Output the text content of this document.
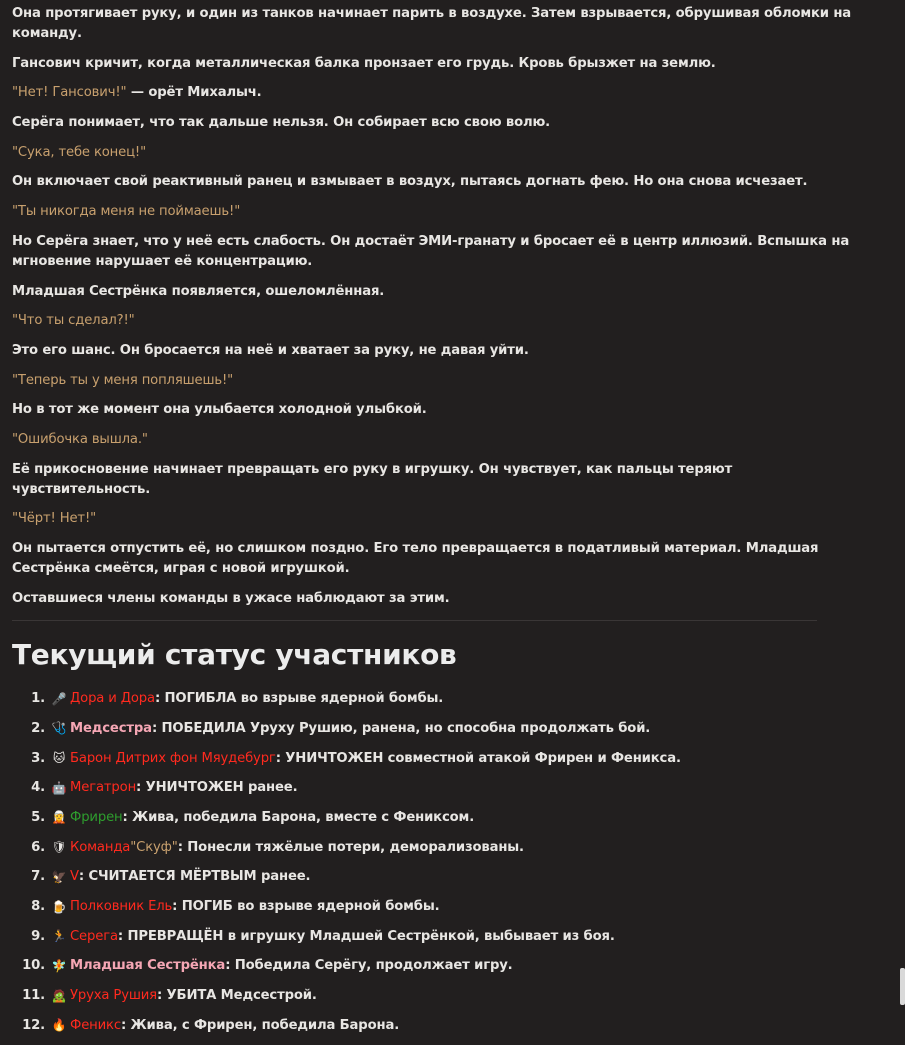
Она протягивает руку, и один из танков начинает парить в воздухе. Затем взрывается, обрушивая обломки на команду.

Гансович кричит, когда металлическая балка пронзает его грудь. Кровь брызжет на землю.

"Нет! Гансович!" — орёт Михалыч.

Серёга понимает, что так дальше нельзя. Он собирает всю свою волю.

"Сука, тебе конец!"

Он включает свой реактивный ранец и взмывает в воздух, пытаясь догнать фею. Но она снова исчезает.

"Ты никогда меня не поймаешь!"

Но Серёга знает, что у неё есть слабость. Он достаёт ЭМИ-гранату и бросает её в центр иллюзий. Вспышка на мгновение нарушает её концентрацию.

Младшая Сестрёнка появляется, ошеломлённая.

"Что ты сделал?!"

Это его шанс. Он бросается на неё и хватает за руку, не давая уйти.

"Теперь ты у меня попляшешь!"

Но в тот же момент она улыбается холодной улыбкой.

"Ошибочка вышла."

Её прикосновение начинает превращать его руку в игрушку. Он чувствует, как пальцы теряют чувствительность.

"Чёрт! Нет!"

Он пытается отпустить её, но слишком поздно. Его тело превращается в податливый материал. Младшая Сестрёнка смеётся, играя с новой игрушкой.

Оставшиеся члены команды в ужасе наблюдают за этим.

Текущий статус участников
1. 🎤 Дора и Дора : ПОГИБЛА во взрыве ядерной бомбы.
2. 🩺 Медсестра : ПОБЕДИЛА Уруху Рушию, ранена, но способна продолжать бой.
3. 🐱 Барон Дитрих фон Мяудебург : УНИЧТОЖЕН совместной атакой Фрирен и Феникса.
4. 🤖 Мегатрон : УНИЧТОЖЕН ранее.
5. 🧝 Фрирен : Жива, победила Барона, вместе с Фениксом.
6. 🛡 Команда "Скуф" : Понесли тяжёлые потери, деморализованы.
7. 🦅 V : СЧИТАЕТСЯ МЁРТВЫМ ранее.
8. 🍺 Полковник Ель : ПОГИБ во взрыве ядерной бомбы.
9. 🏃 Серега : ПРЕВРАЩЁН в игрушку Младшей Сестрёнкой, выбывает из боя.
10. 🧚 Младшая Сестрёнка : Победила Серёгу, продолжает игру.
11. 🧟 Уруха Рушия : УБИТА Медсестрой.
12. 🔥 Феникс : Жива, с Фрирен, победила Барона.
